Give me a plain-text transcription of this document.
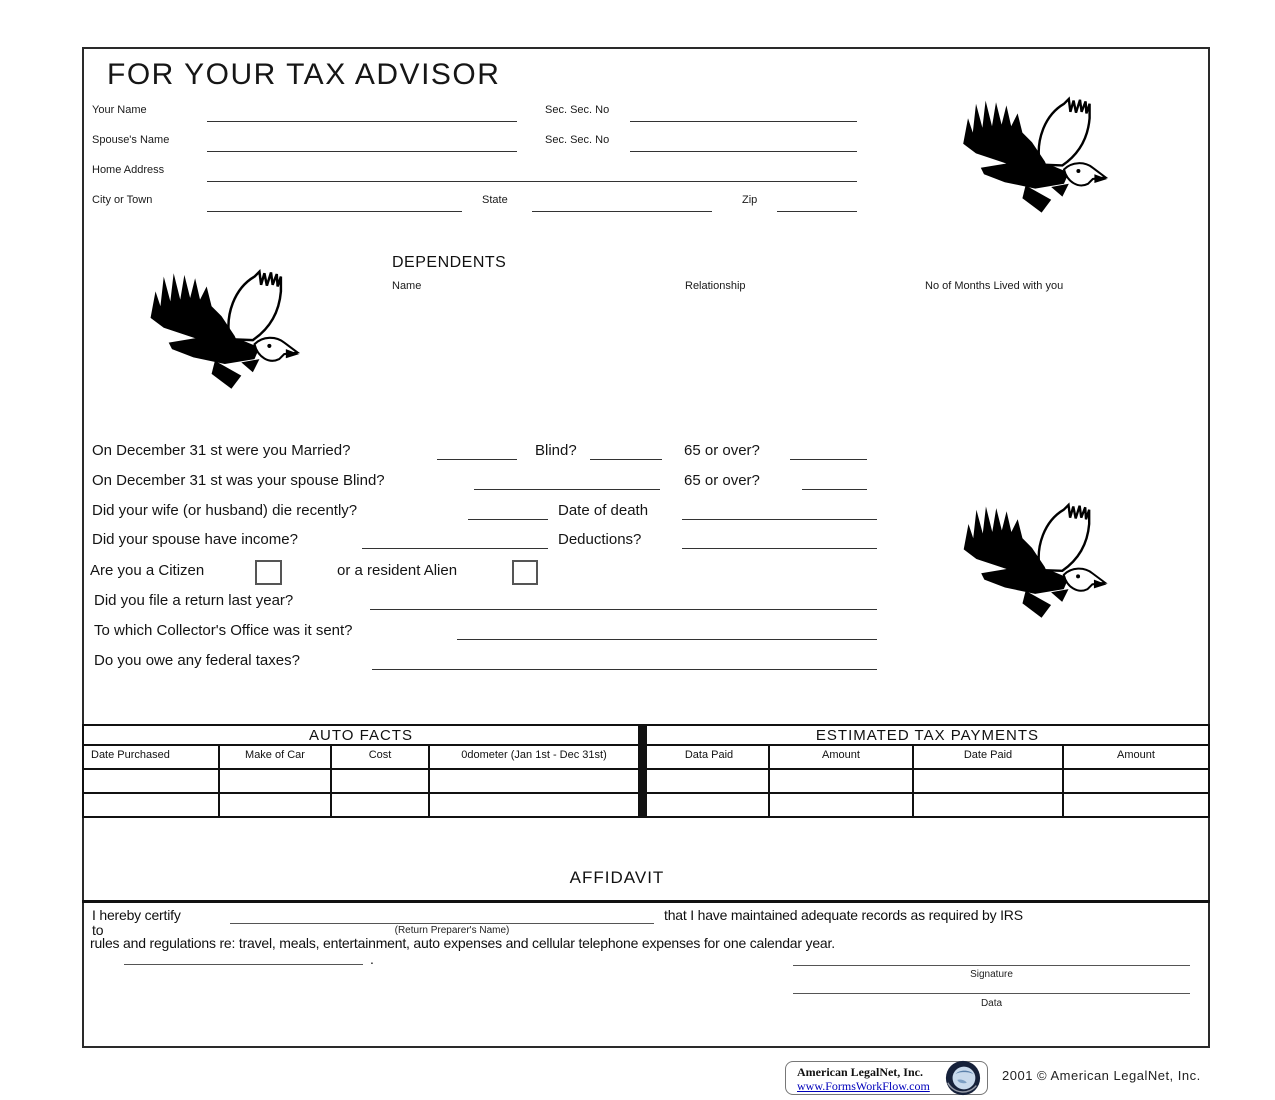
FOR YOUR TAX ADVISOR
Your Name	Sec. Sec. No
Spouse's Name	Sec. Sec. No
Home Address
City or Town	State	Zip
DEPENDENTS
Name	Relationship	No of Months Lived with you
On December 31 st were you Married?	Blind?	65 or over?
On December 31 st was your spouse Blind?	65 or over?
Did your wife (or husband) die recently?	Date of death
Did your spouse have income?	Deductions?
Are you a Citizen	or a resident Alien
Did you file a return last year?
To which Collector's Office was it sent?
Do you owe any federal taxes?
AUTO FACTS
Date Purchased	Make of Car	Cost	0dometer (Jan 1st - Dec 31st)
ESTIMATED TAX PAYMENTS
Data Paid	Amount	Date Paid	Amount
AFFIDAVIT
I hereby certify	that I have maintained adequate records as required by IRS
to	(Return Preparer's Name)
rules and regulations re: travel, meals, entertainment, auto expenses and cellular telephone expenses for one calendar year.
.
Signature
Data
American LegalNet, Inc.
www.FormsWorkFlow.com
2001 © American LegalNet, Inc.
